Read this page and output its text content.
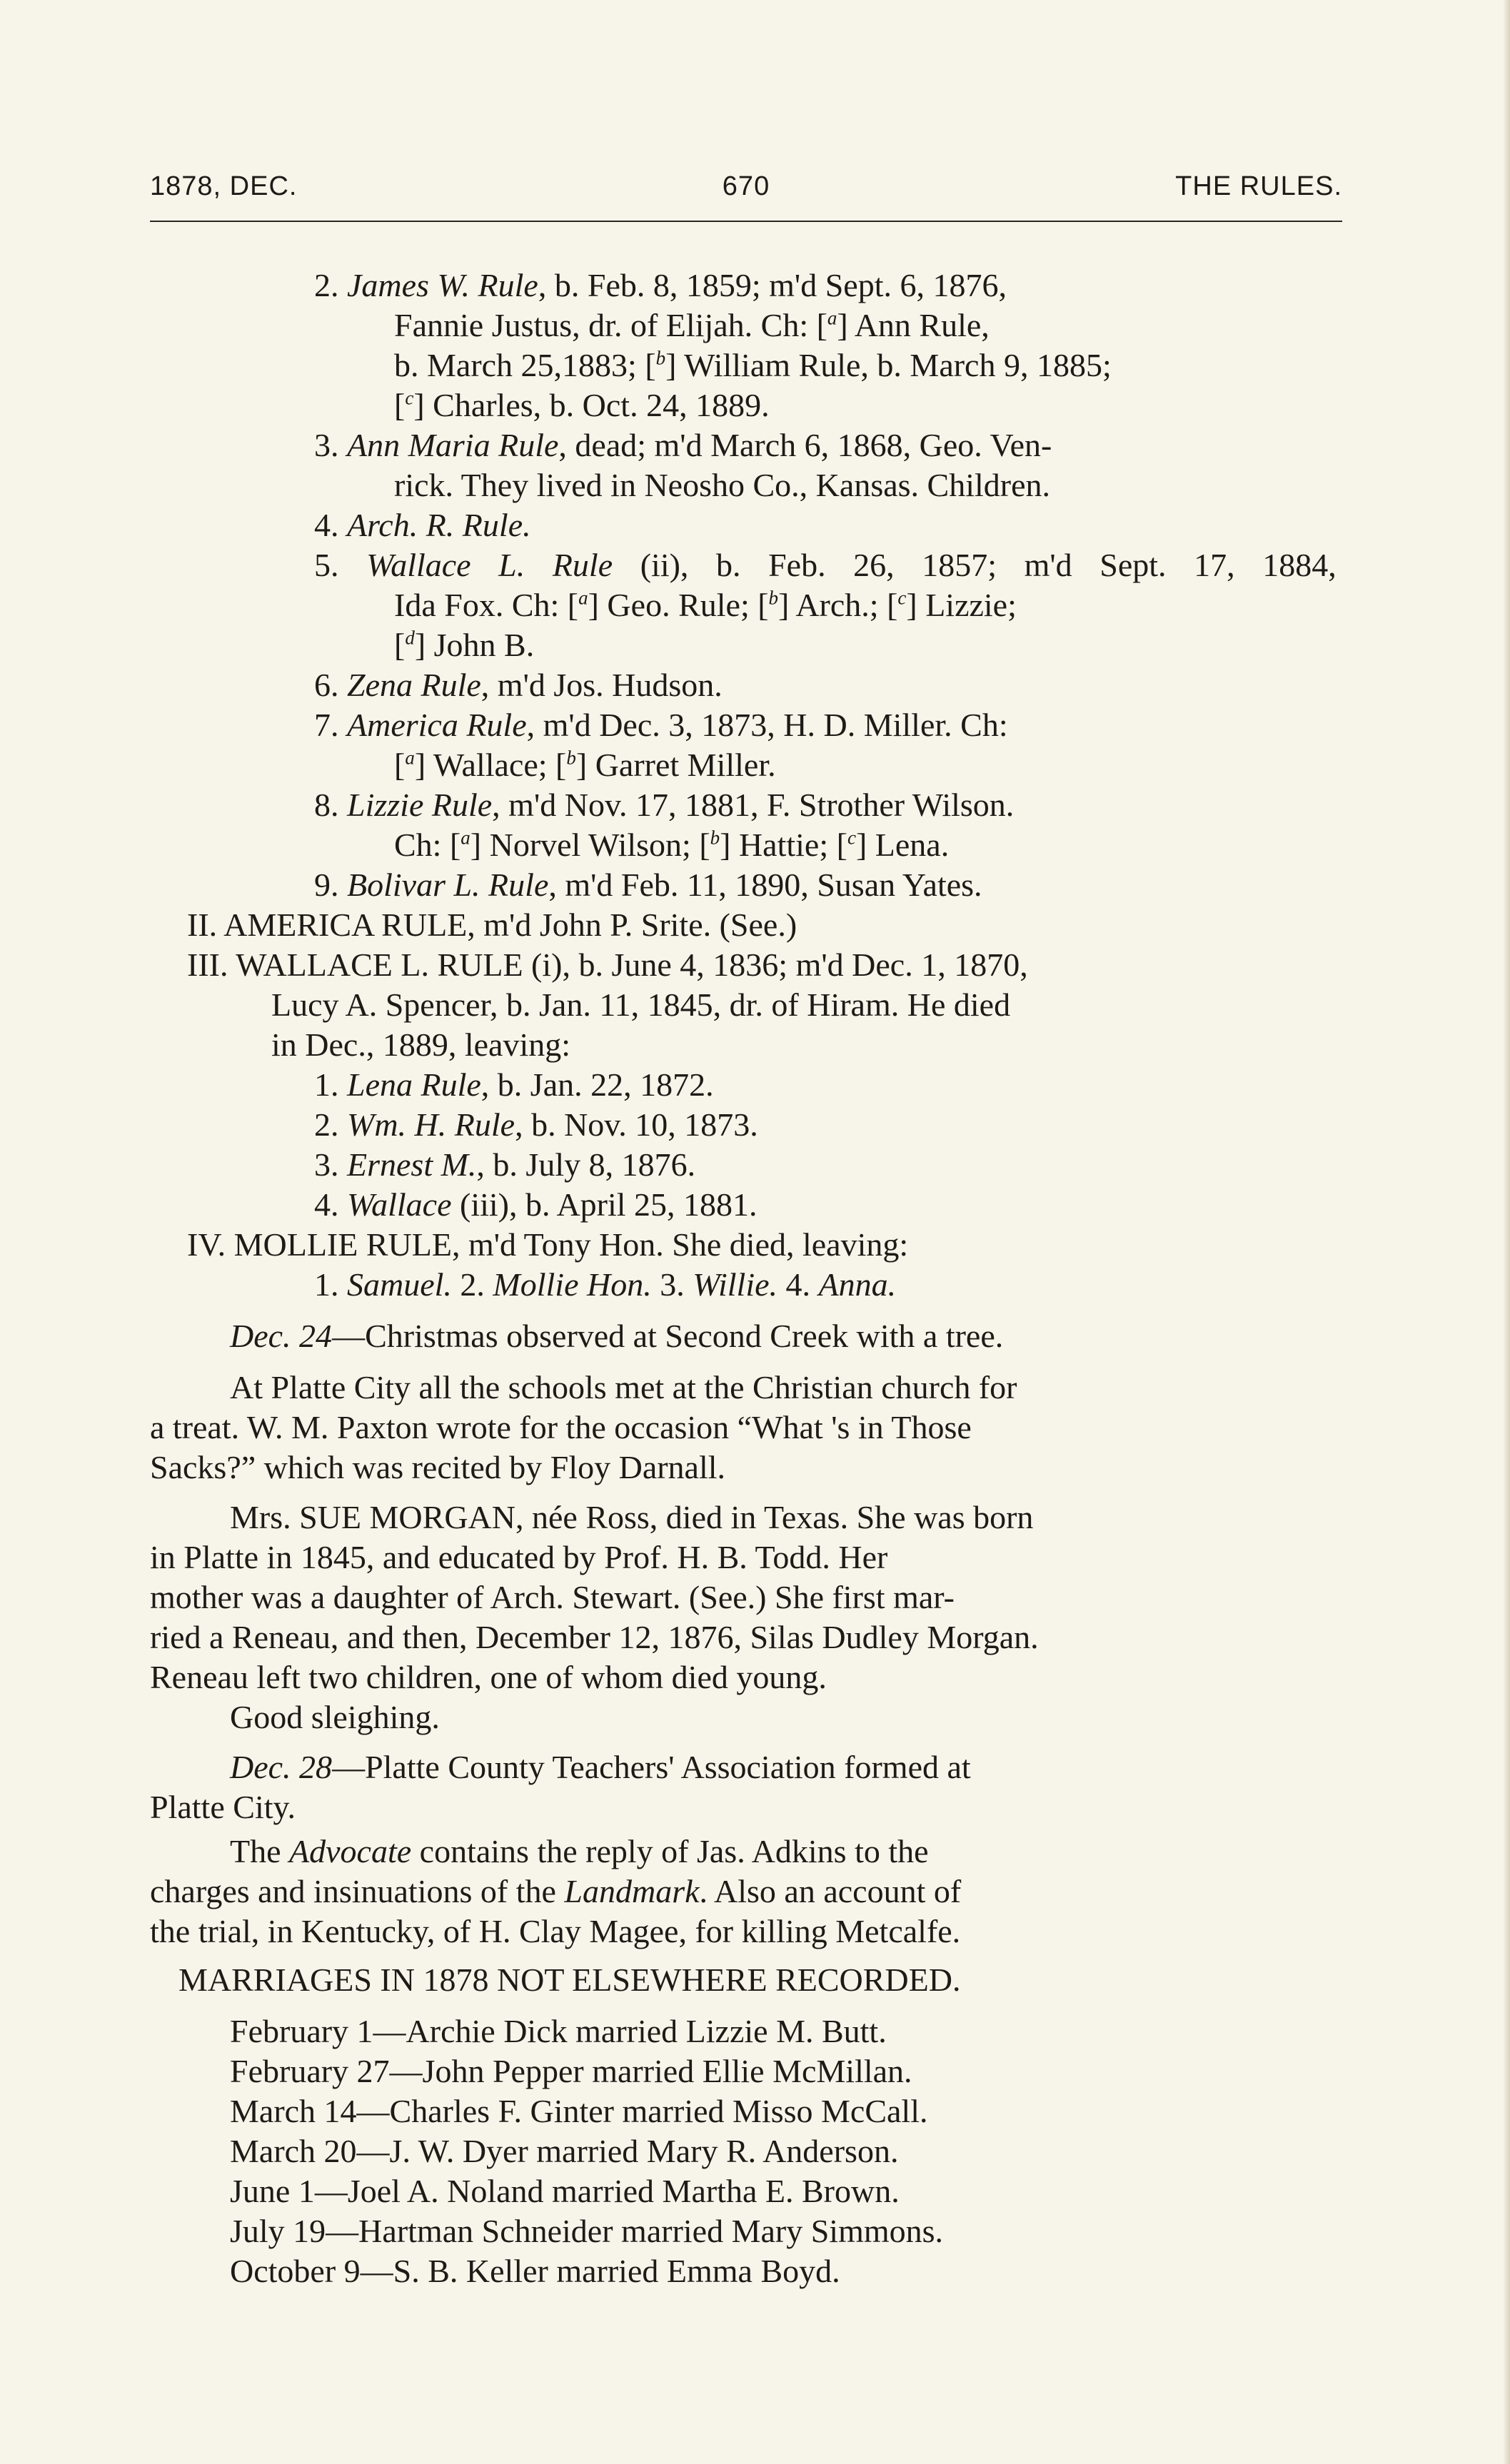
1878, DEC.	670	THE RULES.
2. James W. Rule, b. Feb. 8, 1859; m'd Sept. 6, 1876,
Fannie Justus, dr. of Elijah. Ch: [$^a$] Ann Rule,
b. March 25,1883; [$^b$] William Rule, b. March 9, 1885;
[$^c$] Charles, b. Oct. 24, 1889.
3. Ann Maria Rule, dead; m'd March 6, 1868, Geo. Ven-
rick. They lived in Neosho Co., Kansas. Children.
4. Arch. R. Rule.
5. Wallace L. Rule (ii), b. Feb. 26, 1857; m'd Sept. 17, 1884,
Ida Fox. Ch: [$^a$] Geo. Rule; [$^b$] Arch.; [$^c$] Lizzie;
[$^d$] John B.
6. Zena Rule, m'd Jos. Hudson.
7. America Rule, m'd Dec. 3, 1873, H. D. Miller. Ch:
[$^a$] Wallace; [$^b$] Garret Miller.
8. Lizzie Rule, m'd Nov. 17, 1881, F. Strother Wilson.
Ch: [$^a$] Norvel Wilson; [$^b$] Hattie; [$^c$] Lena.
9. Bolivar L. Rule, m'd Feb. 11, 1890, Susan Yates.
II. AMERICA RULE, m'd John P. Srite. (See.)
III. WALLACE L. RULE (i), b. June 4, 1836; m'd Dec. 1, 1870,
Lucy A. Spencer, b. Jan. 11, 1845, dr. of Hiram. He died
in Dec., 1889, leaving:
1. Lena Rule, b. Jan. 22, 1872.
2. Wm. H. Rule, b. Nov. 10, 1873.
3. Ernest M., b. July 8, 1876.
4. Wallace (iii), b. April 25, 1881.
IV. MOLLIE RULE, m'd Tony Hon. She died, leaving:
1. Samuel. 2. Mollie Hon. 3. Willie. 4. Anna.
Dec. 24—Christmas observed at Second Creek with a tree.
At Platte City all the schools met at the Christian church for
a treat. W. M. Paxton wrote for the occasion “What 's in Those
Sacks?” which was recited by Floy Darnall.
Mrs. SUE MORGAN, née Ross, died in Texas. She was born
in Platte in 1845, and educated by Prof. H. B. Todd. Her
mother was a daughter of Arch. Stewart. (See.) She first mar-
ried a Reneau, and then, December 12, 1876, Silas Dudley Morgan.
Reneau left two children, one of whom died young.
Good sleighing.
Dec. 28—Platte County Teachers' Association formed at
Platte City.
The Advocate contains the reply of Jas. Adkins to the
charges and insinuations of the Landmark. Also an account of
the trial, in Kentucky, of H. Clay Magee, for killing Metcalfe.
MARRIAGES IN 1878 NOT ELSEWHERE RECORDED.
February 1—Archie Dick married Lizzie M. Butt.
February 27—John Pepper married Ellie McMillan.
March 14—Charles F. Ginter married Misso McCall.
March 20—J. W. Dyer married Mary R. Anderson.
June 1—Joel A. Noland married Martha E. Brown.
July 19—Hartman Schneider married Mary Simmons.
October 9—S. B. Keller married Emma Boyd.
